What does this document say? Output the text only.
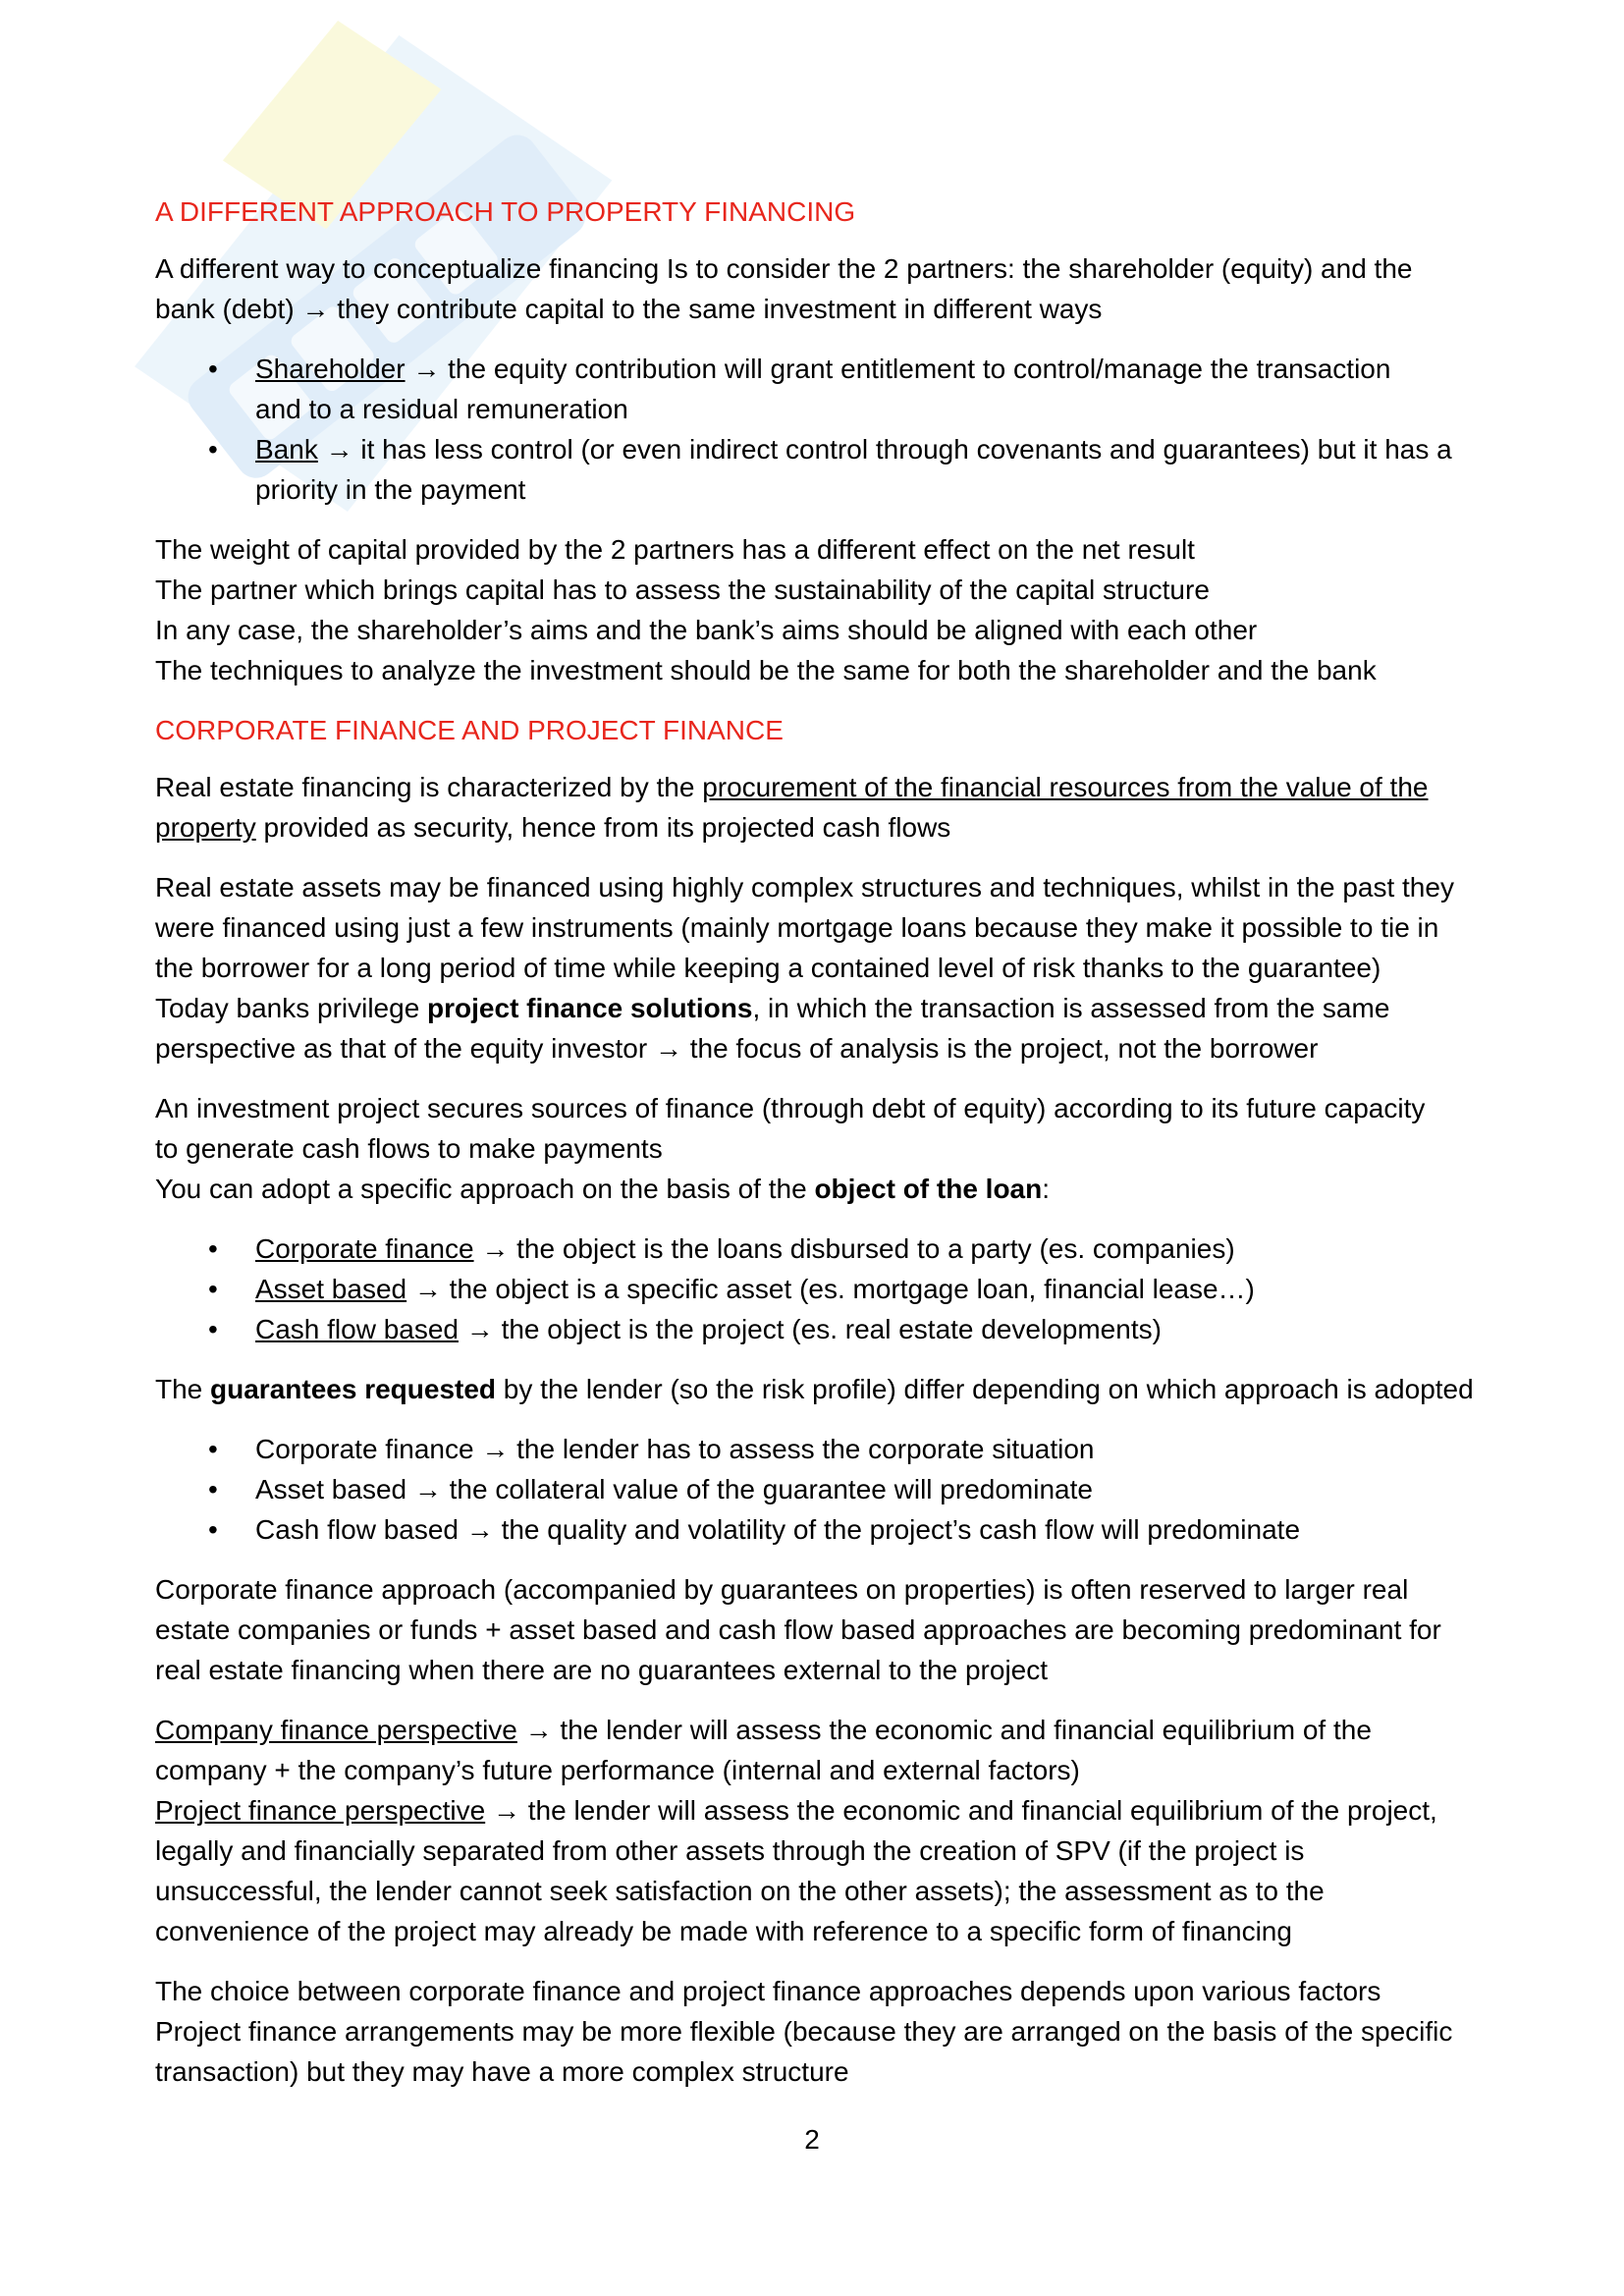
A DIFFERENT APPROACH TO PROPERTY FINANCING
A different way to conceptualize financing Is to consider the 2 partners: the shareholder (equity) and the
bank (debt) → they contribute capital to the same investment in different ways
• Shareholder → the equity contribution will grant entitlement to control/manage the transaction
and to a residual remuneration
• Bank → it has less control (or even indirect control through covenants and guarantees) but it has a
priority in the payment
The weight of capital provided by the 2 partners has a different effect on the net result
The partner which brings capital has to assess the sustainability of the capital structure
In any case, the shareholder’s aims and the bank’s aims should be aligned with each other
The techniques to analyze the investment should be the same for both the shareholder and the bank
CORPORATE FINANCE AND PROJECT FINANCE
Real estate financing is characterized by the procurement of the financial resources from the value of the
property provided as security, hence from its projected cash flows
Real estate assets may be financed using highly complex structures and techniques, whilst in the past they
were financed using just a few instruments (mainly mortgage loans because they make it possible to tie in
the borrower for a long period of time while keeping a contained level of risk thanks to the guarantee)
Today banks privilege project finance solutions, in which the transaction is assessed from the same
perspective as that of the equity investor → the focus of analysis is the project, not the borrower
An investment project secures sources of finance (through debt of equity) according to its future capacity
to generate cash flows to make payments
You can adopt a specific approach on the basis of the object of the loan:
• Corporate finance → the object is the loans disbursed to a party (es. companies)
• Asset based → the object is a specific asset (es. mortgage loan, financial lease…)
• Cash flow based → the object is the project (es. real estate developments)
The guarantees requested by the lender (so the risk profile) differ depending on which approach is adopted
• Corporate finance → the lender has to assess the corporate situation
• Asset based → the collateral value of the guarantee will predominate
• Cash flow based → the quality and volatility of the project’s cash flow will predominate
Corporate finance approach (accompanied by guarantees on properties) is often reserved to larger real
estate companies or funds + asset based and cash flow based approaches are becoming predominant for
real estate financing when there are no guarantees external to the project
Company finance perspective → the lender will assess the economic and financial equilibrium of the
company + the company’s future performance (internal and external factors)
Project finance perspective → the lender will assess the economic and financial equilibrium of the project,
legally and financially separated from other assets through the creation of SPV (if the project is
unsuccessful, the lender cannot seek satisfaction on the other assets); the assessment as to the
convenience of the project may already be made with reference to a specific form of financing
The choice between corporate finance and project finance approaches depends upon various factors
Project finance arrangements may be more flexible (because they are arranged on the basis of the specific
transaction) but they may have a more complex structure
2
